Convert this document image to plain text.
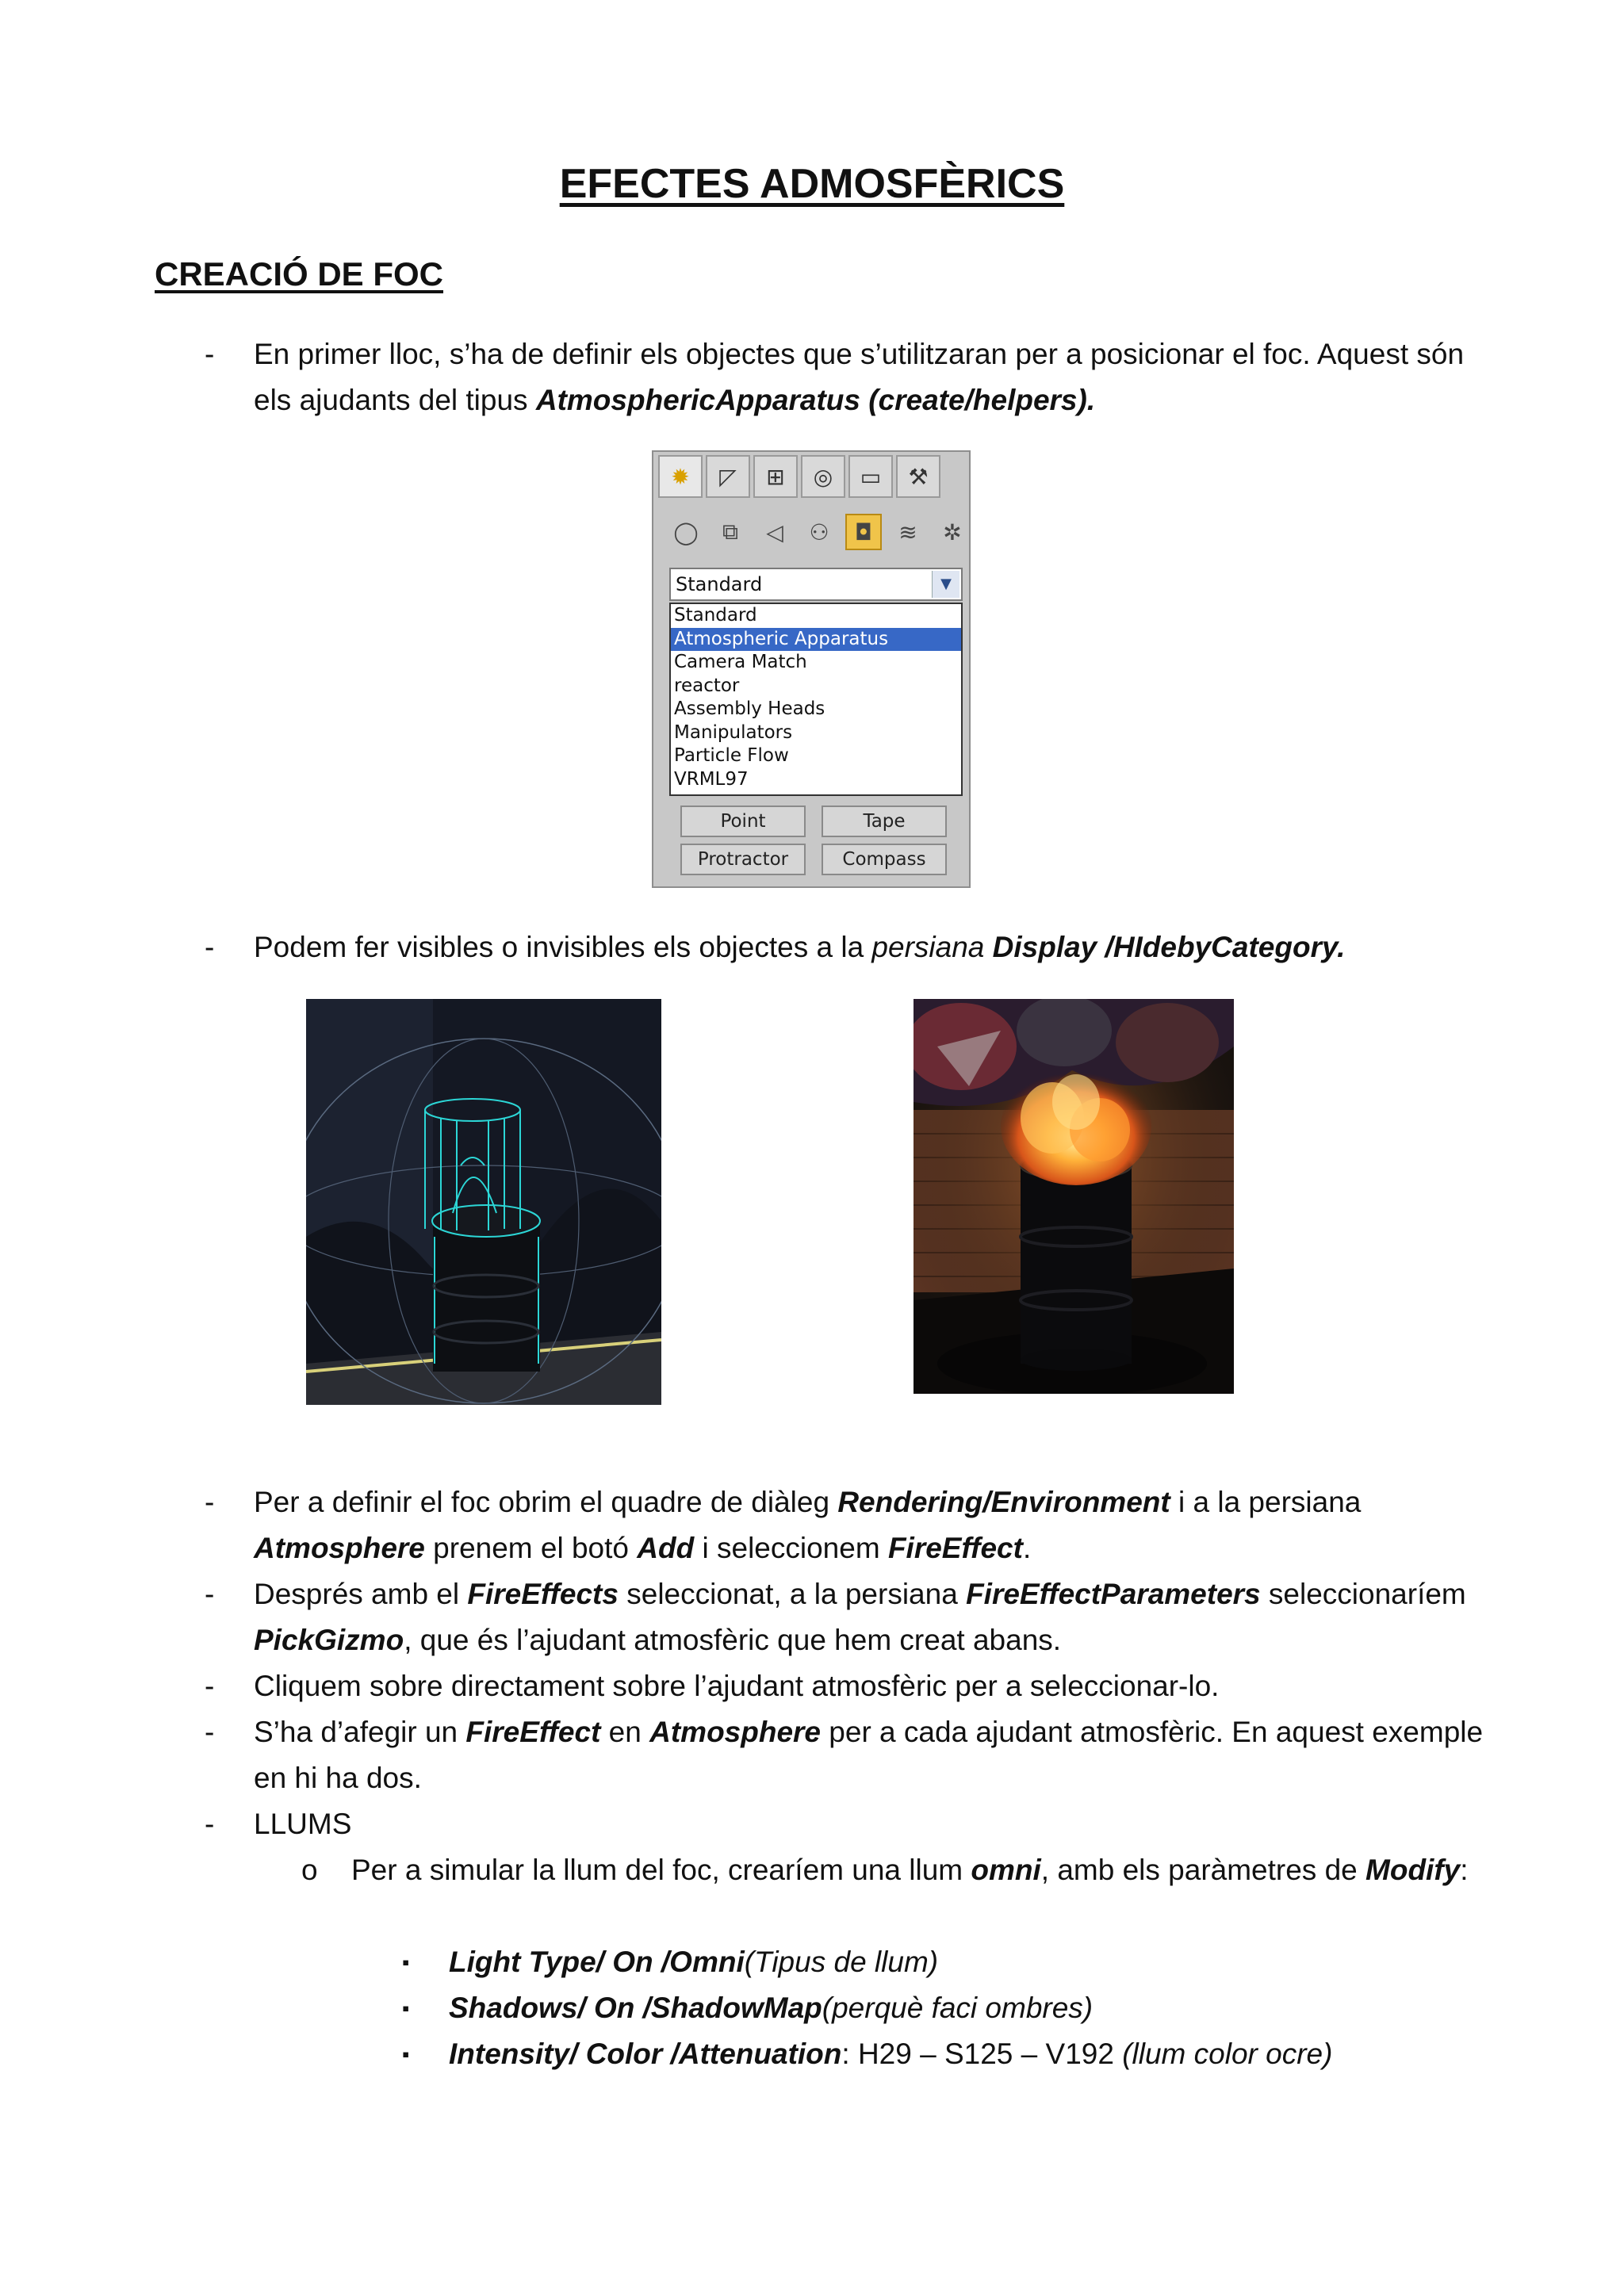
EFECTES ADMOSFÈRICS
CREACIÓ DE FOC
-	En primer lloc, s’ha de definir els objectes que s’utilitzaran per a posicionar el foc. Aquest són els ajudants del tipus AtmosphericApparatus (create/helpers).
✹	◸	⊞	◎	▭	⚒
◯	⧉	◁	⚇	◘	≋	✲
Standard	▼
Standard
Atmospheric Apparatus
Camera Match
reactor
Assembly Heads
Manipulators
Particle Flow
VRML97
Point	Tape
Protractor	Compass
-	Podem fer visibles o invisibles els objectes a la persiana Display /HIdebyCategory.
-	Per a definir el foc obrim el quadre de diàleg Rendering/Environment i a la persiana Atmosphere prenem el botó Add i seleccionem FireEffect.
-	Després amb el FireEffects seleccionat, a la persiana FireEffectParameters seleccionaríem PickGizmo, que és l’ajudant atmosfèric que hem creat abans.
-	Cliquem sobre directament sobre l’ajudant atmosfèric per a seleccionar-lo.
-	S’ha d’afegir un FireEffect en Atmosphere per a cada ajudant atmosfèric. En aquest exemple en hi ha dos.
-	LLUMS
o	Per a simular la llum del foc, crearíem una llum omni, amb els paràmetres de Modify:
▪	Light Type/ On /Omni(Tipus de llum)
▪	Shadows/ On /ShadowMap(perquè faci ombres)
▪	Intensity/ Color /Attenuation: H29 – S125 – V192 (llum color ocre)
